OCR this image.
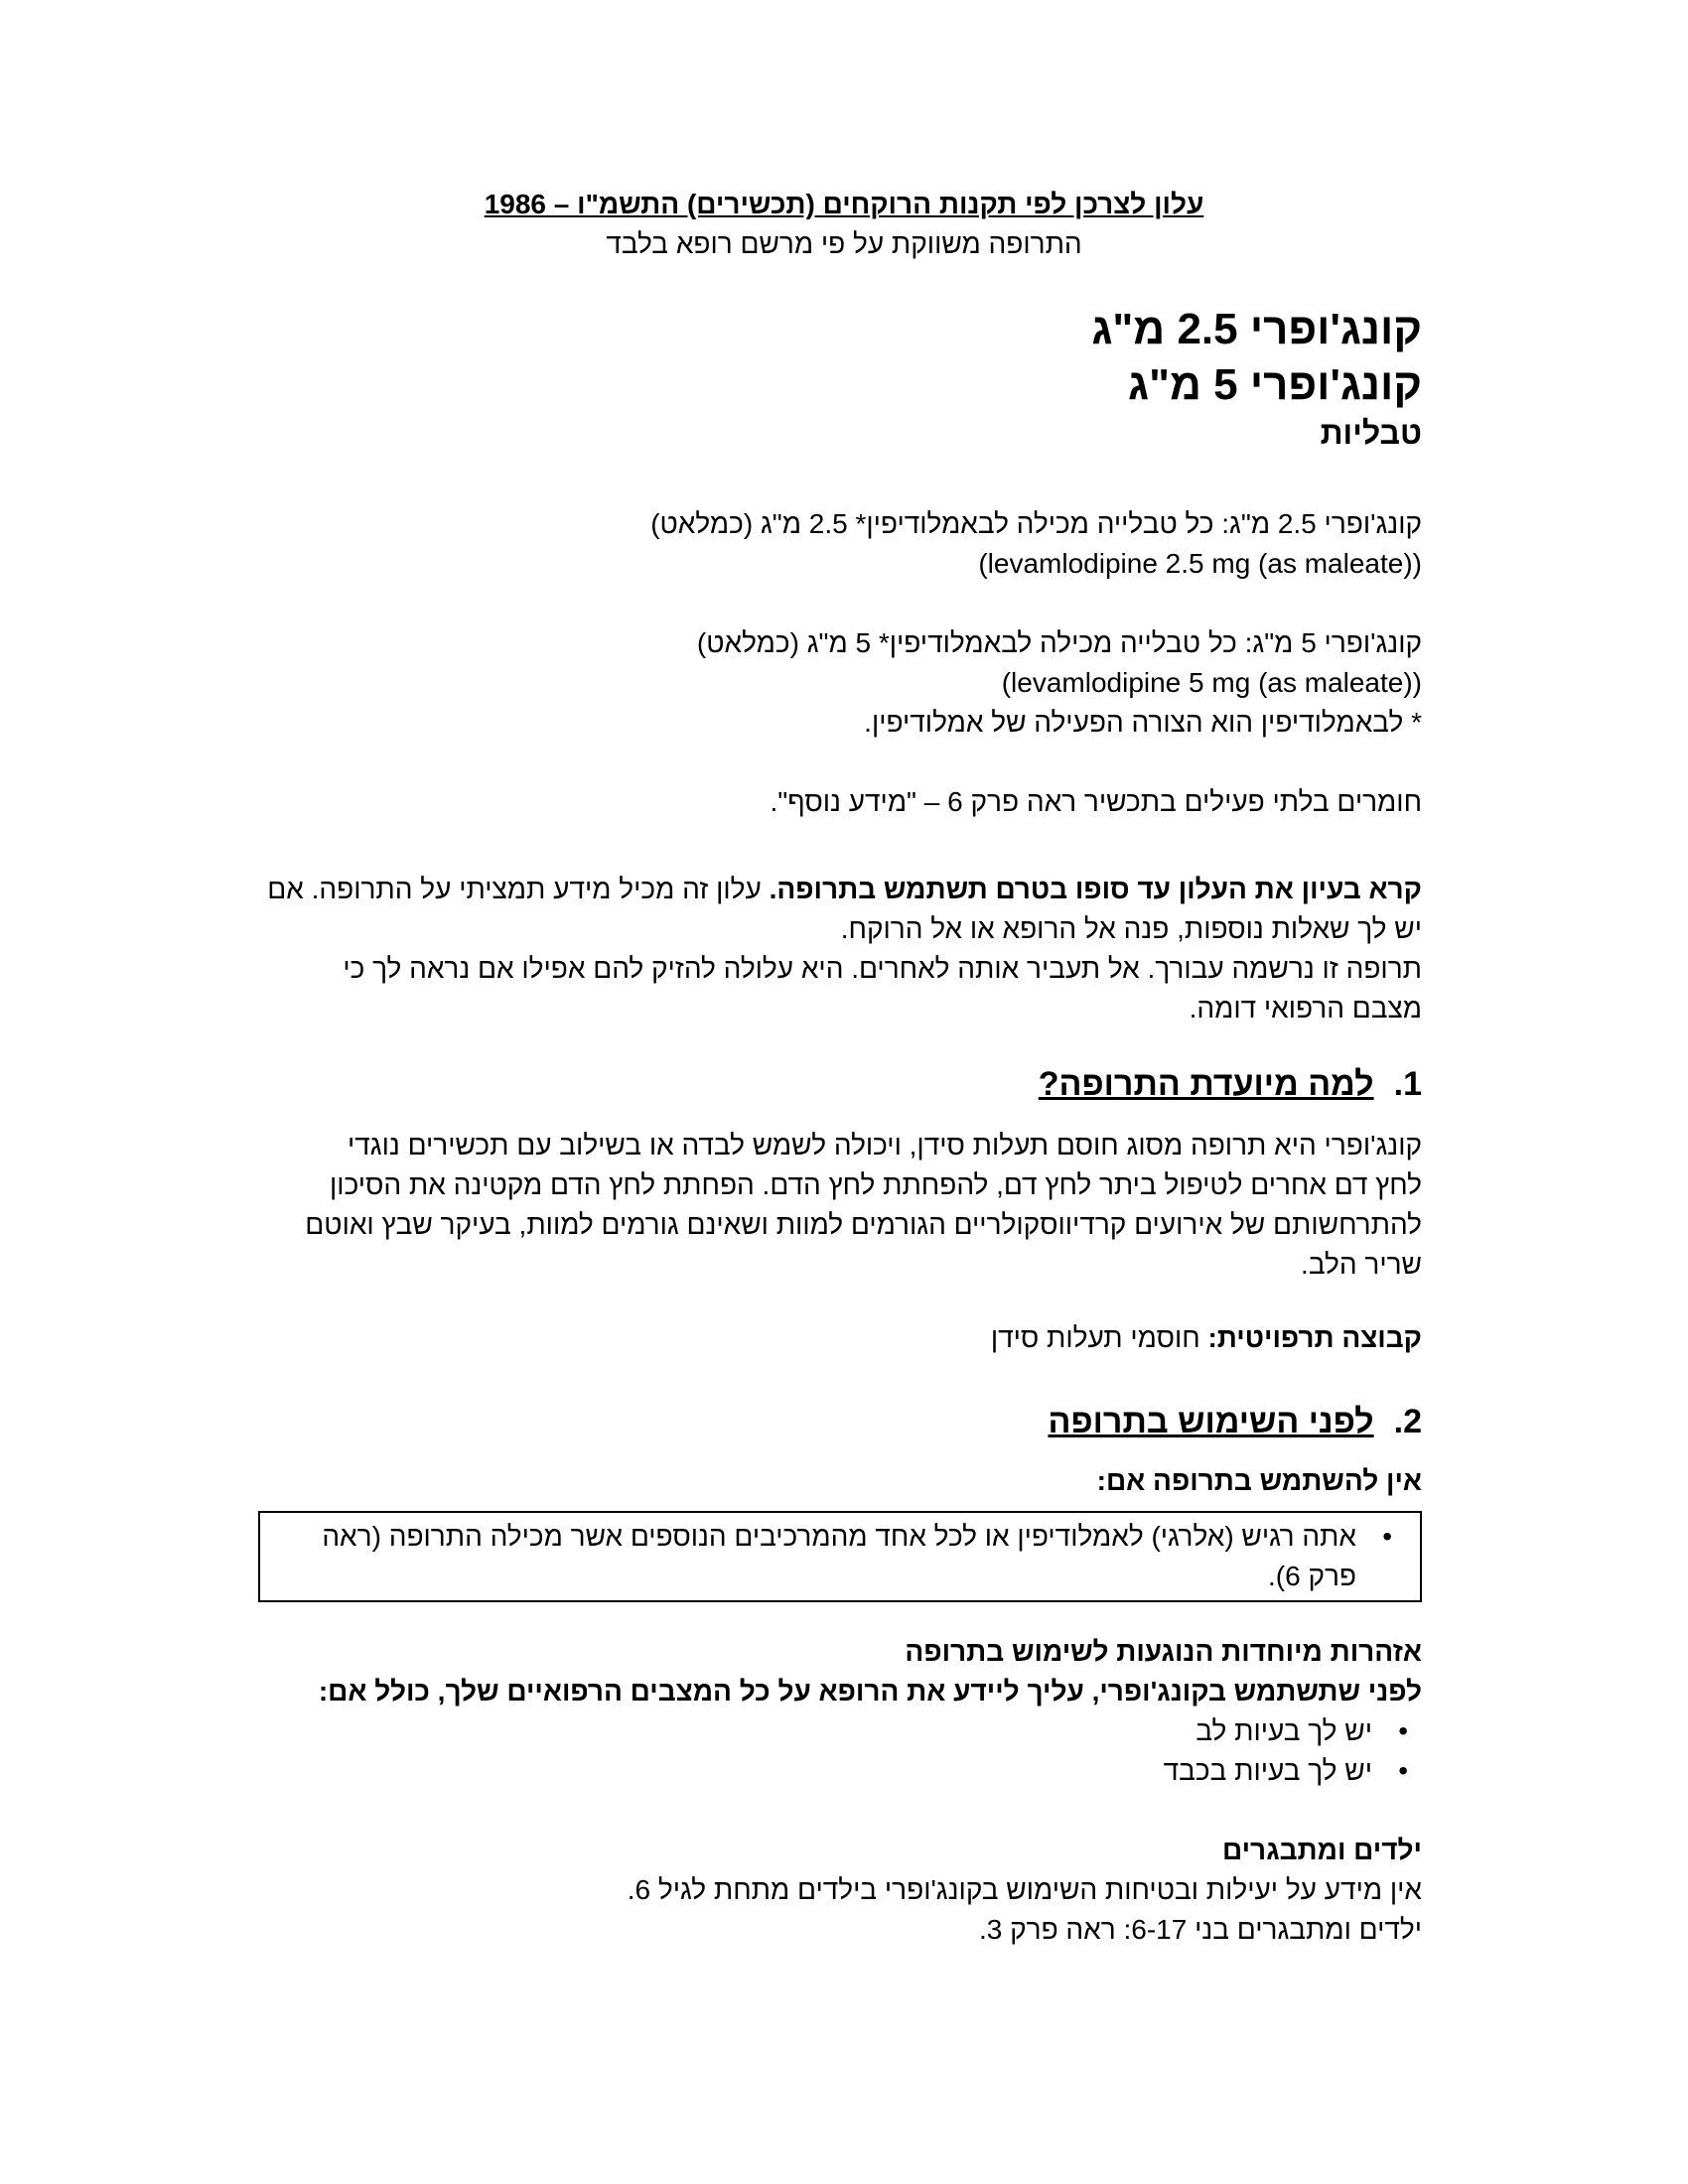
עלון לצרכן לפי תקנות הרוקחים (תכשירים) התשמ"ו – 1986
התרופה משווקת על פי מרשם רופא בלבד
קונג'ופרי 2.5 מ"ג
קונג'ופרי 5 מ"ג
טבליות
קונג'ופרי 2.5 מ"ג: כל טבלייה מכילה לבאמלודיפין* 2.5 מ"ג (כמלאט)
(levamlodipine 2.5 mg (as maleate))
קונג'ופרי 5 מ"ג: כל טבלייה מכילה לבאמלודיפין* 5 מ"ג (כמלאט)
(levamlodipine 5 mg (as maleate))
* לבאמלודיפין הוא הצורה הפעילה של אמלודיפין.
חומרים בלתי פעילים בתכשיר ראה פרק 6 – "מידע נוסף".
קרא בעיון את העלון עד סופו בטרם תשתמש בתרופה. עלון זה מכיל מידע תמציתי על התרופה. אם
יש לך שאלות נוספות, פנה אל הרופא או אל הרוקח.
תרופה זו נרשמה עבורך. אל תעביר אותה לאחרים. היא עלולה להזיק להם אפילו אם נראה לך כי
מצבם הרפואי דומה.
1.למה מיועדת התרופה?
קונג'ופרי היא תרופה מסוג חוסם תעלות סידן, ויכולה לשמש לבדה או בשילוב עם תכשירים נוגדי
לחץ דם אחרים לטיפול ביתר לחץ דם, להפחתת לחץ הדם. הפחתת לחץ הדם מקטינה את הסיכון
להתרחשותם של אירועים קרדיווסקולריים הגורמים למוות ושאינם גורמים למוות, בעיקר שבץ ואוטם
שריר הלב.
קבוצה תרפויטית: חוסמי תעלות סידן
2.לפני השימוש בתרופה
אין להשתמש בתרופה אם:
•
אתה רגיש (אלרגי) לאמלודיפין או לכל אחד מהמרכיבים הנוספים אשר מכילה התרופה (ראה
פרק 6).
אזהרות מיוחדות הנוגעות לשימוש בתרופה
לפני שתשתמש בקונג'ופרי, עליך ליידע את הרופא על כל המצבים הרפואיים שלך, כולל אם:
•
יש לך בעיות לב
•
יש לך בעיות בכבד
ילדים ומתבגרים
אין מידע על יעילות ובטיחות השימוש בקונג'ופרי בילדים מתחת לגיל 6.
ילדים ומתבגרים בני 6-17: ראה פרק 3.
